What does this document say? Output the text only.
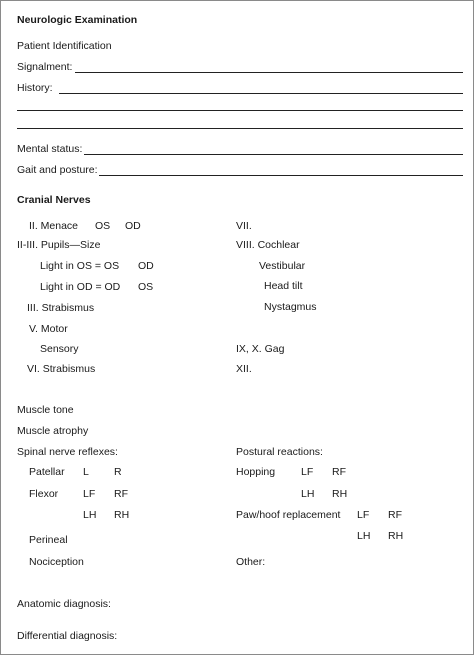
Neurologic Examination
Patient Identification
Signalment:
History:
Mental status:
Gait and posture:
Cranial Nerves
II. Menace OS OD
II-III. Pupils—Size
Light in OS = OS OD
Light in OD = OD OS
III. Strabismus
V. Motor
Sensory
VI. Strabismus
VII.
VIII. Cochlear
Vestibular
Head tilt
Nystagmus
IX, X. Gag
XII.
Muscle tone
Muscle atrophy
Spinal nerve reflexes:
Patellar L R
Flexor LF RF
LH RH
Perineal
Nociception
Postural reactions:
Hopping LF RF
LH RH
Paw/hoof replacement LF RF
LH RH
Other:
Anatomic diagnosis:
Differential diagnosis:
